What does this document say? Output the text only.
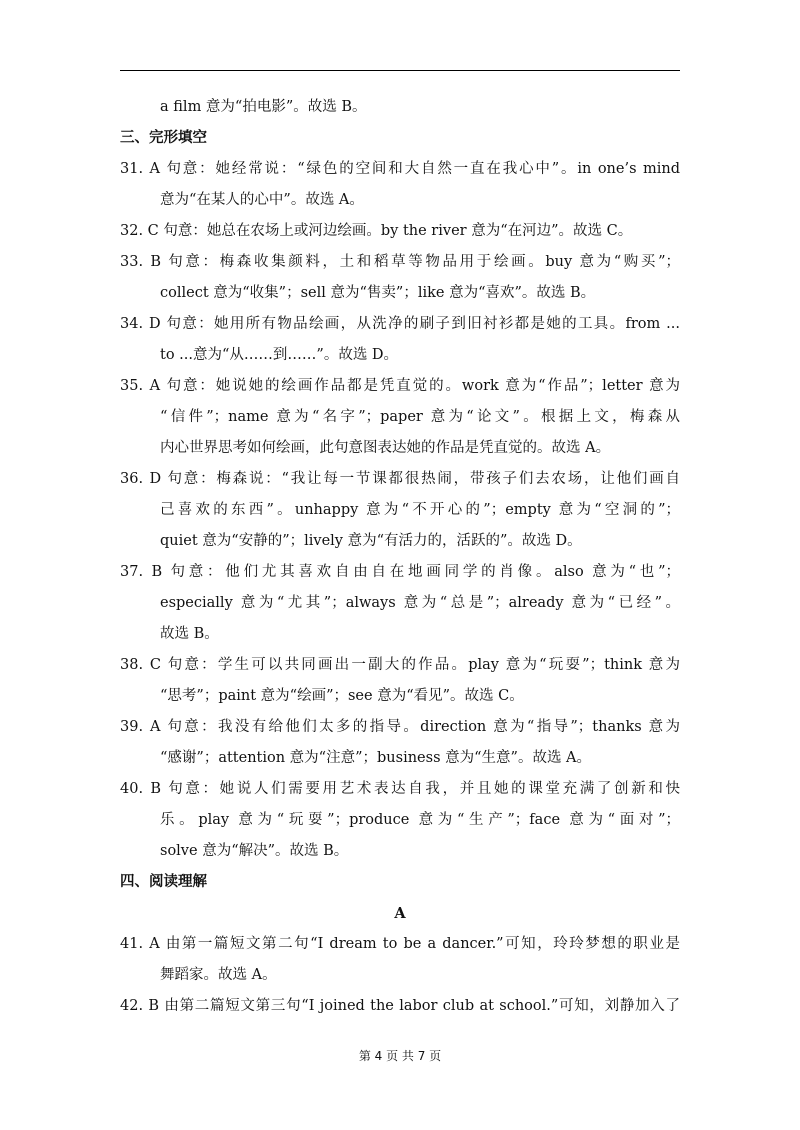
a film 意为“拍电影”。故选 B。
三、完形填空
31. A 句意：她经常说：“绿色的空间和大自然一直在我心中”。in one’s mind
意为“在某人的心中”。故选 A。
32. C 句意：她总在农场上或河边绘画。by the river 意为“在河边”。故选 C。
33. B 句意：梅森收集颜料，土和稻草等物品用于绘画。buy 意为“购买”；
collect 意为“收集”；sell 意为“售卖”；like 意为“喜欢”。故选 B。
34. D 句意：她用所有物品绘画，从洗净的刷子到旧衬衫都是她的工具。from ...
to ...意为“从……到……”。故选 D。
35. A 句意：她说她的绘画作品都是凭直觉的。work 意为“作品”；letter 意为
“信件”；name 意为“名字”；paper 意为“论文”。根据上文，梅森从
内心世界思考如何绘画，此句意图表达她的作品是凭直觉的。故选 A。
36. D 句意：梅森说：“我让每一节课都很热闹，带孩子们去农场，让他们画自
己喜欢的东西”。unhappy 意为“不开心的”；empty 意为“空洞的”；
quiet 意为“安静的”；lively 意为“有活力的，活跃的”。故选 D。
37. B 句意：他们尤其喜欢自由自在地画同学的肖像。also 意为“也”；
especially 意为“尤其”；always 意为“总是”；already 意为“已经”。
故选 B。
38. C 句意：学生可以共同画出一副大的作品。play 意为“玩耍”；think 意为
“思考”；paint 意为“绘画”；see 意为“看见”。故选 C。
39. A 句意：我没有给他们太多的指导。direction 意为“指导”；thanks 意为
“感谢”；attention 意为“注意”；business 意为“生意”。故选 A。
40. B 句意：她说人们需要用艺术表达自我，并且她的课堂充满了创新和快
乐。play 意为“玩耍”；produce 意为“生产”；face 意为“面对”；
solve 意为“解决”。故选 B。
四、阅读理解
A
41. A 由第一篇短文第二句“I dream to be a dancer.”可知，玲玲梦想的职业是
舞蹈家。故选 A。
42. B 由第二篇短文第三句“I joined the labor club at school.”可知，刘静加入了
第 4 页 共 7 页
